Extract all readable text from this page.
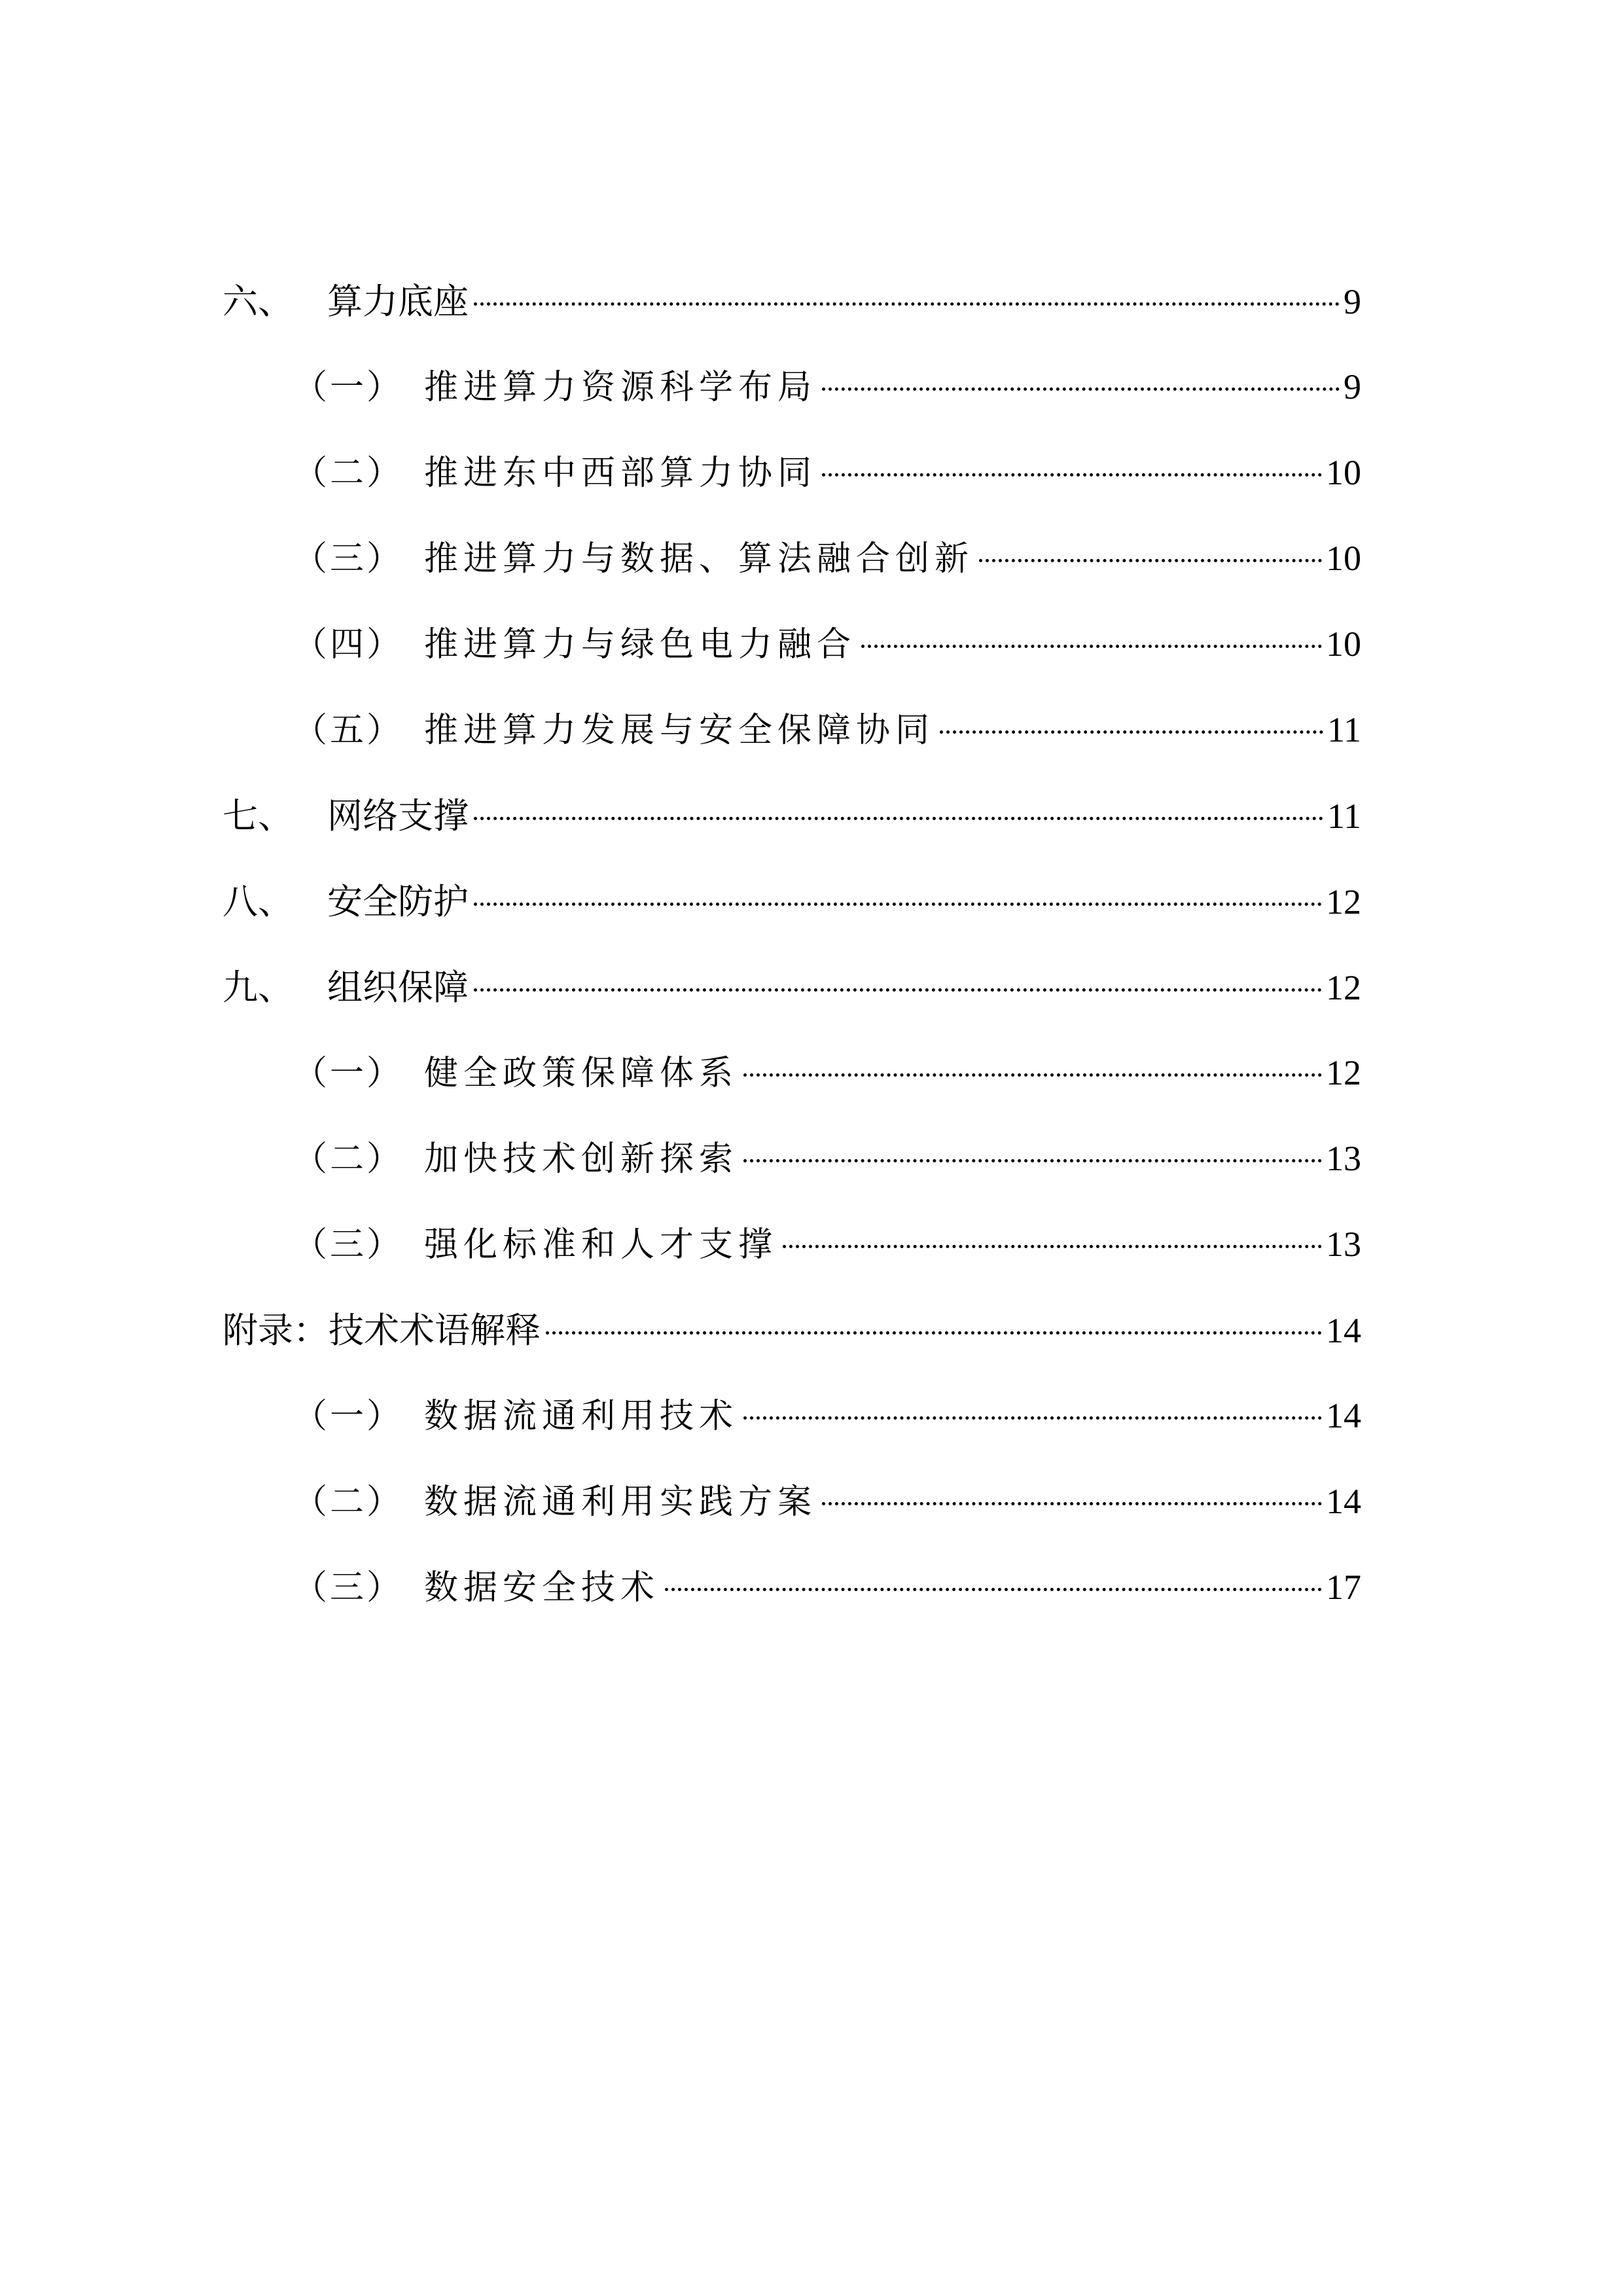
六、 算力底座	9
（一） 推进算力资源科学布局	9
（二） 推进东中西部算力协同	10
（三） 推进算力与数据、算法融合创新	10
（四） 推进算力与绿色电力融合	10
（五） 推进算力发展与安全保障协同	11
七、 网络支撑	11
八、 安全防护	12
九、 组织保障	12
（一） 健全政策保障体系	12
（二） 加快技术创新探索	13
（三） 强化标准和人才支撑	13
附录： 技术术语解释	14
（一） 数据流通利用技术	14
（二） 数据流通利用实践方案	14
（三） 数据安全技术	17
